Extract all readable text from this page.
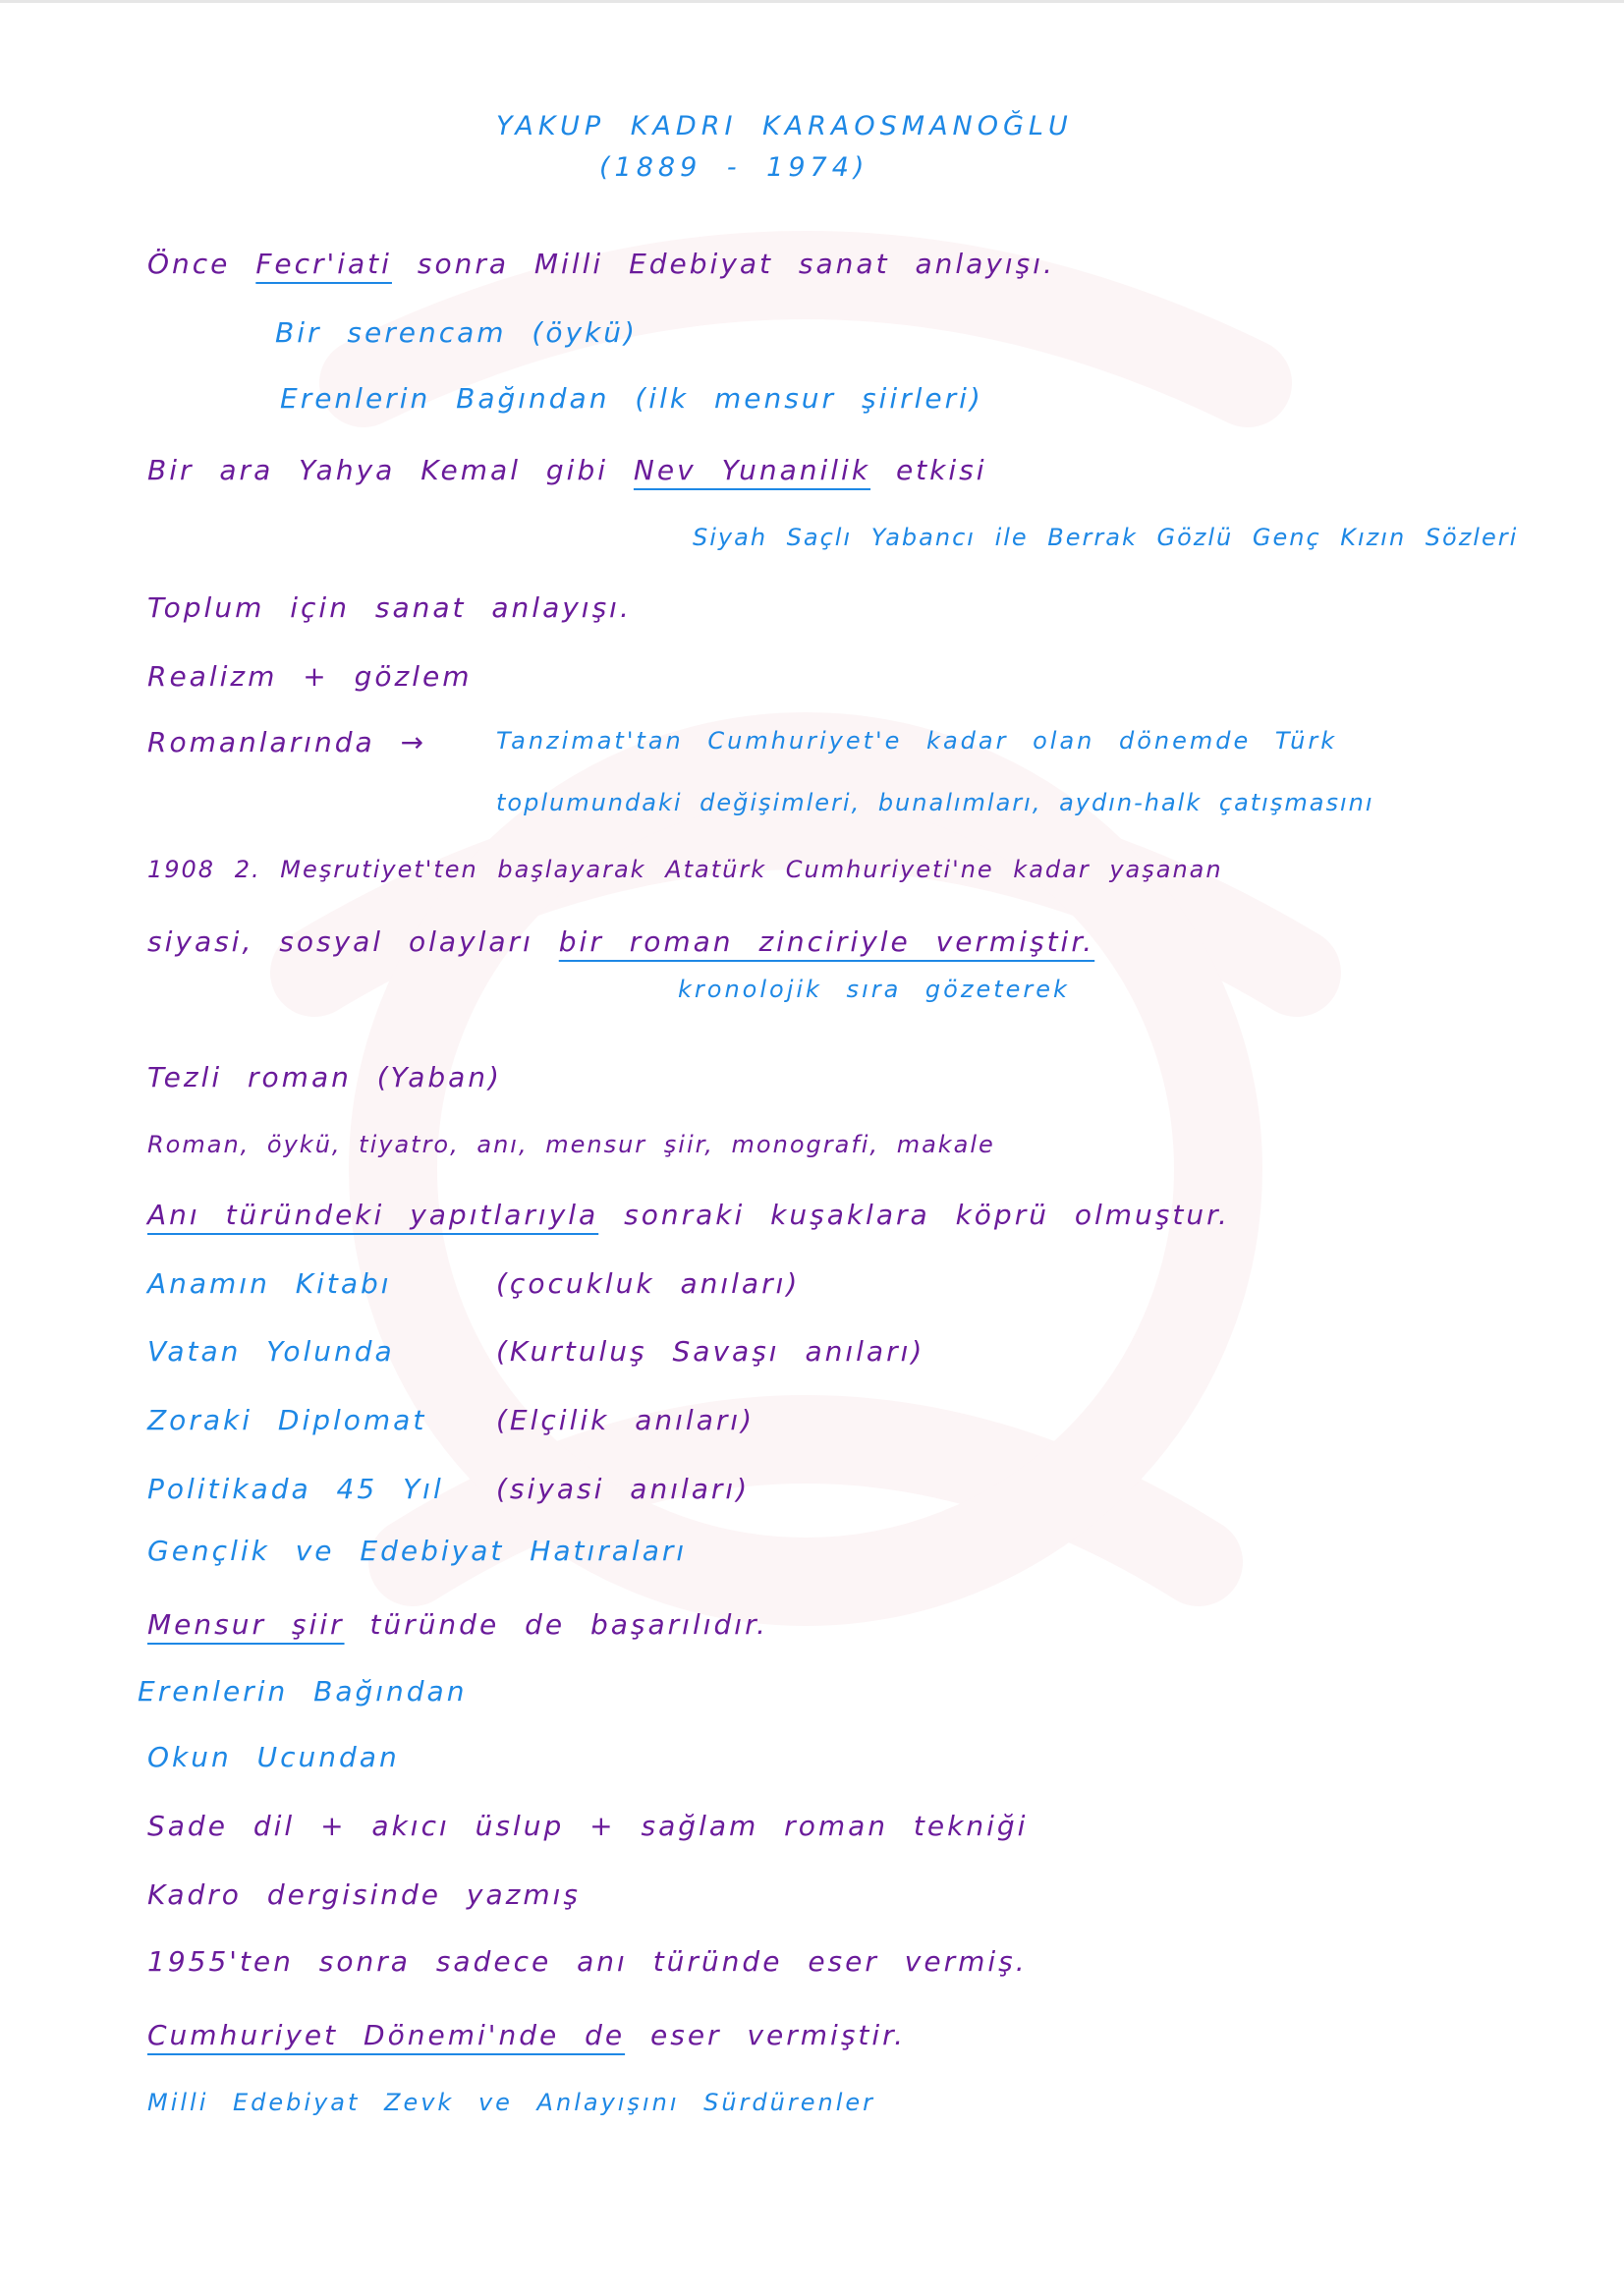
YAKUP KADRI KARAOSMANOĞLU
(1889 - 1974)
Önce Fecr'iati sonra Milli Edebiyat sanat anlayışı.
Bir serencam (öykü)
Erenlerin Bağından (ilk mensur şiirleri)
Bir ara Yahya Kemal gibi Nev Yunanilik etkisi
Siyah Saçlı Yabancı ile Berrak Gözlü Genç Kızın Sözleri
Toplum için sanat anlayışı.
Realizm + gözlem
Romanlarında →	Tanzimat'tan Cumhuriyet'e kadar olan dönemde Türk
toplumundaki değişimleri, bunalımları, aydın-halk çatışmasını
1908 2. Meşrutiyet'ten başlayarak Atatürk Cumhuriyeti'ne kadar yaşanan
siyasi, sosyal olayları bir roman zinciriyle vermiştir.
kronolojik sıra gözeterek
Tezli roman (Yaban)
Roman, öykü, tiyatro, anı, mensur şiir, monografi, makale
Anı türündeki yapıtlarıyla sonraki kuşaklara köprü olmuştur.
Anamın Kitabı	(çocukluk anıları)
Vatan Yolunda	(Kurtuluş Savaşı anıları)
Zoraki Diplomat	(Elçilik anıları)
Politikada 45 Yıl (siyasi anıları)
Gençlik ve Edebiyat Hatıraları
Mensur şiir türünde de başarılıdır.
Erenlerin Bağından
Okun Ucundan
Sade dil + akıcı üslup + sağlam roman tekniği
Kadro dergisinde yazmış
1955'ten sonra sadece anı türünde eser vermiş.
Cumhuriyet Dönemi'nde de eser vermiştir.
Milli Edebiyat Zevk ve Anlayışını Sürdürenler
